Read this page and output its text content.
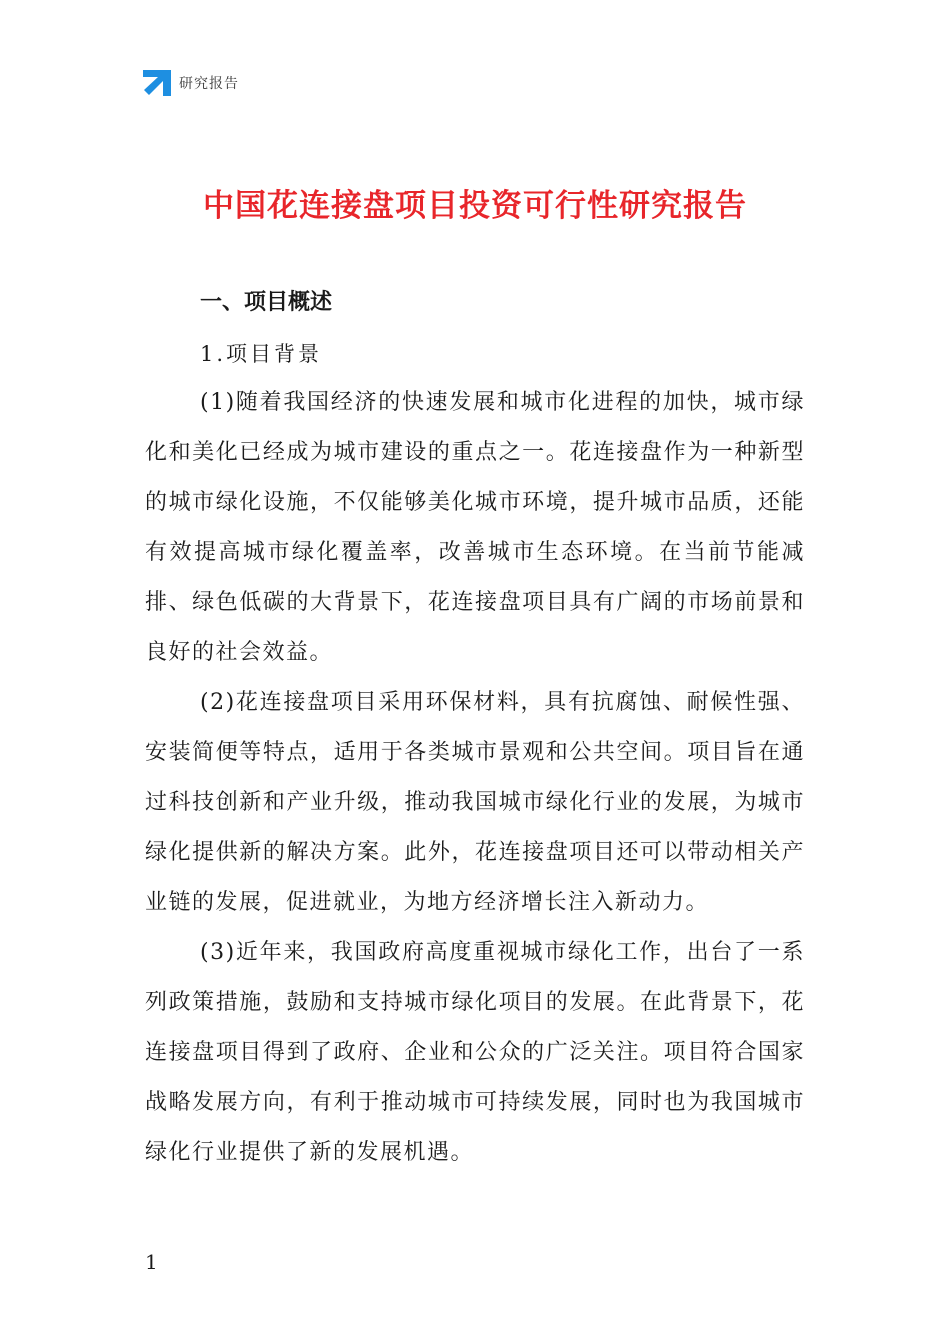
研究报告
中国花连接盘项目投资可行性研究报告
一、项目概述
1.项目背景

(1)随着我国经济的快速发展和城市化进程的加快，城市绿化和美化已经成为城市建设的重点之一。花连接盘作为一种新型的城市绿化设施，不仅能够美化城市环境，提升城市品质，还能有效提高城市绿化覆盖率，改善城市生态环境。在当前节能减排、绿色低碳的大背景下，花连接盘项目具有广阔的市场前景和良好的社会效益。

(2)花连接盘项目采用环保材料，具有抗腐蚀、耐候性强、安装简便等特点，适用于各类城市景观和公共空间。项目旨在通过科技创新和产业升级，推动我国城市绿化行业的发展，为城市绿化提供新的解决方案。此外，花连接盘项目还可以带动相关产业链的发展，促进就业，为地方经济增长注入新动力。

(3)近年来，我国政府高度重视城市绿化工作，出台了一系列政策措施，鼓励和支持城市绿化项目的发展。在此背景下，花连接盘项目得到了政府、企业和公众的广泛关注。项目符合国家战略发展方向，有利于推动城市可持续发展，同时也为我国城市绿化行业提供了新的发展机遇。

1
